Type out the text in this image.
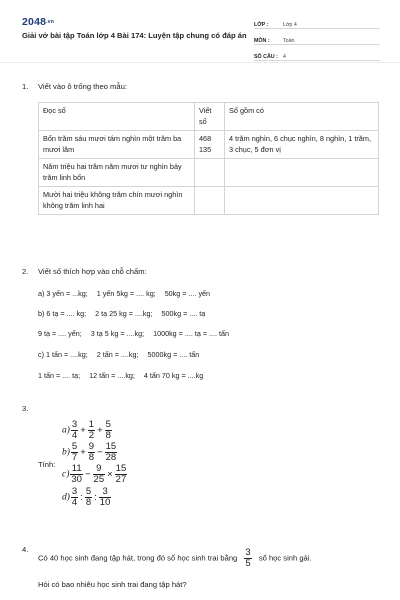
2048.vn
Giải vở bài tập Toán lớp 4 Bài 174: Luyện tập chung có đáp án
LỚP :	Lớp 4
MÔN :	Toán
SỐ CÂU : 4
1. Viết vào ô trống theo mẫu:
Đọc số	Viết số	Số gồm có
Bốn trăm sáu mươi tám nghìn một trăm ba mươi lăm	468 135	4 trăm nghìn, 6 chục nghìn, 8 nghìn, 1 trăm, 3 chục, 5 đơn vị
Năm triệu hai trăm năm mươi tư nghìn bảy trăm linh bốn		
Mười hai triệu không trăm chín mươi nghìn không trăm linh hai		
2. Viết số thích hợp vào chỗ chấm:
a) 3 yến = ...kg; 1 yến 5kg = .... kg; 50kg = .... yến
b) 6 tạ = .... kg; 2 tạ 25 kg = ....kg; 500kg = .... tạ
9 tạ = .... yến; 3 tạ 5 kg = ....kg; 1000kg = .... tạ = .... tấn
c) 1 tấn = ....kg; 2 tấn = ....kg; 5000kg = .... tấn
1 tấn = .... tạ; 12 tấn = ....kg; 4 tấn 70 kg = ....kg
3.
Tính:
$a) \frac{3}{4} + \frac{1}{2} + \frac{5}{8}$
$b) \frac{5}{7} + \frac{9}{8} - \frac{15}{28}$
$c) \frac{11}{30} - \frac{9}{25} \times \frac{15}{27}$
$d) \frac{3}{4}$ : $\frac{5}{8}$ : $\frac{3}{10}$
4.
Có 40 học sinh đang tập hát, trong đó số học sinh trai bằng $\frac{3}{5}$ số học sinh gái.
Hỏi có bao nhiêu học sinh trai đang tập hát?
